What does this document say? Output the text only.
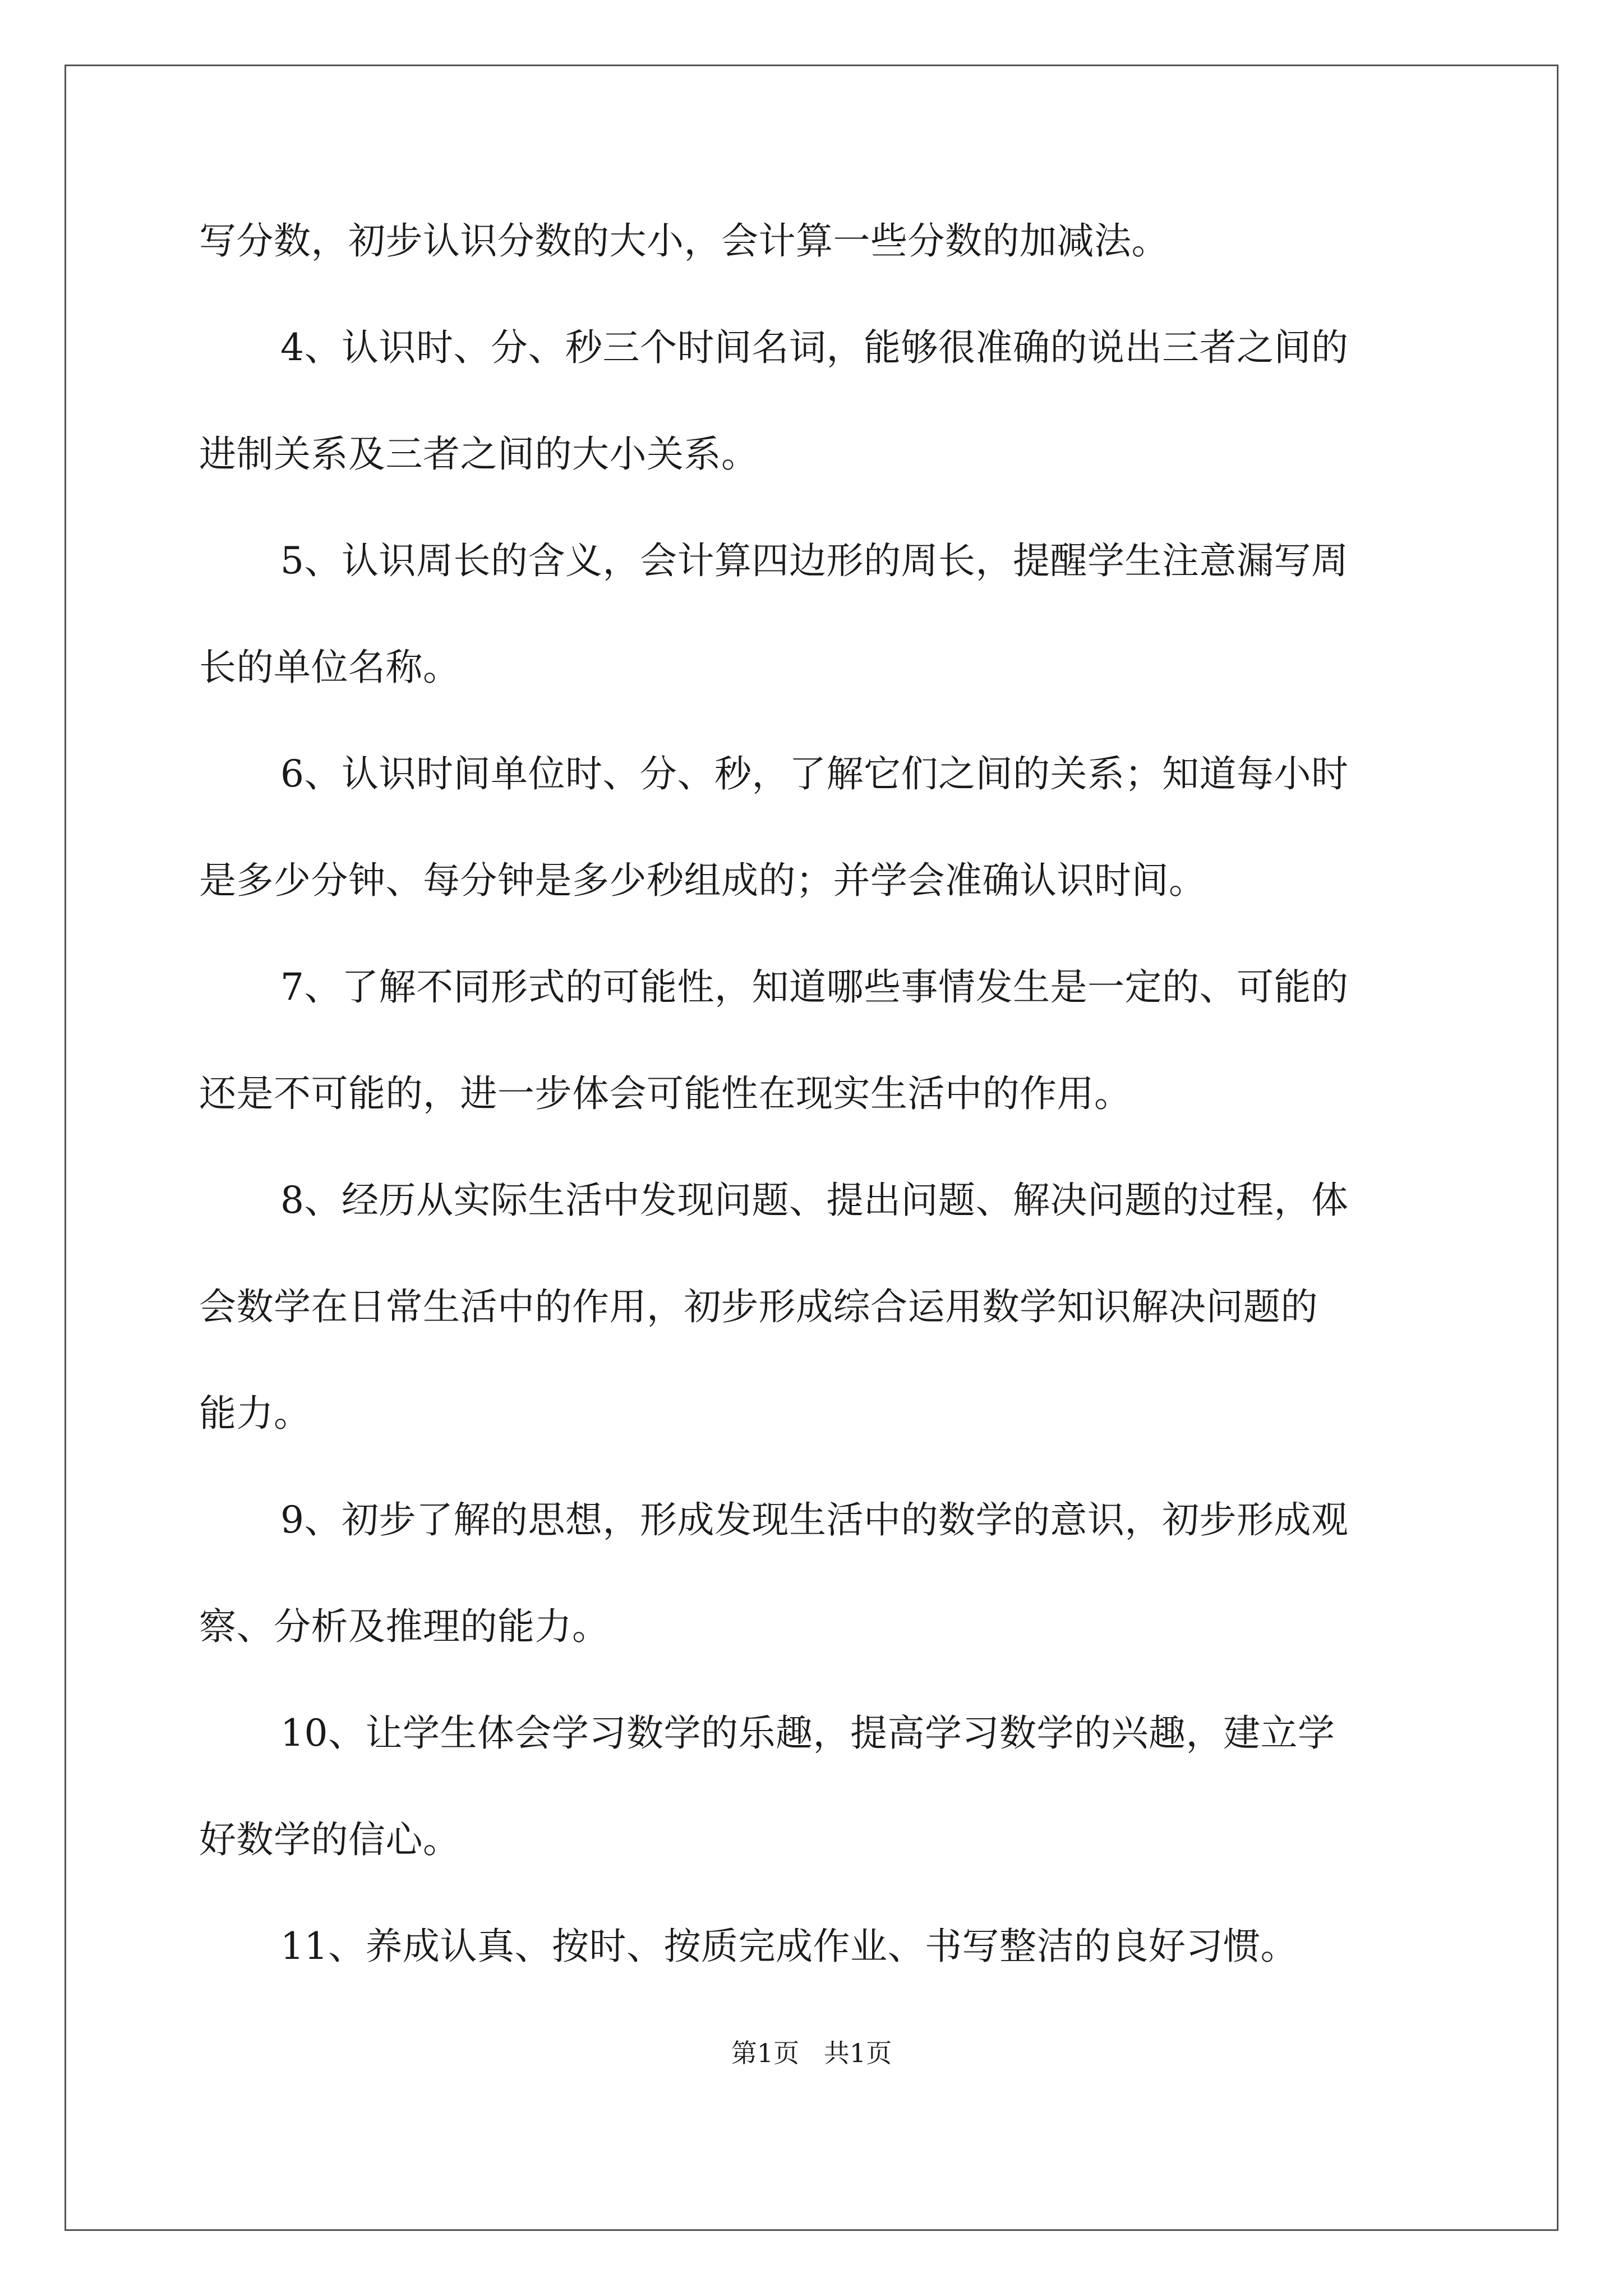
写分数，初步认识分数的大小，会计算一些分数的加减法。
4、认识时、分、秒三个时间名词，能够很准确的说出三者之间的
进制关系及三者之间的大小关系。
5、认识周长的含义，会计算四边形的周长，提醒学生注意漏写周
长的单位名称。
6、认识时间单位时、分、秒，了解它们之间的关系；知道每小时
是多少分钟、每分钟是多少秒组成的；并学会准确认识时间。
7、了解不同形式的可能性，知道哪些事情发生是一定的、可能的
还是不可能的，进一步体会可能性在现实生活中的作用。
8、经历从实际生活中发现问题、提出问题、解决问题的过程，体
会数学在日常生活中的作用，初步形成综合运用数学知识解决问题的
能力。
9、初步了解的思想，形成发现生活中的数学的意识，初步形成观
察、分析及推理的能力。
10、让学生体会学习数学的乐趣，提高学习数学的兴趣，建立学
好数学的信心。
11、养成认真、按时、按质完成作业、书写整洁的良好习惯。
第1页   共1页
